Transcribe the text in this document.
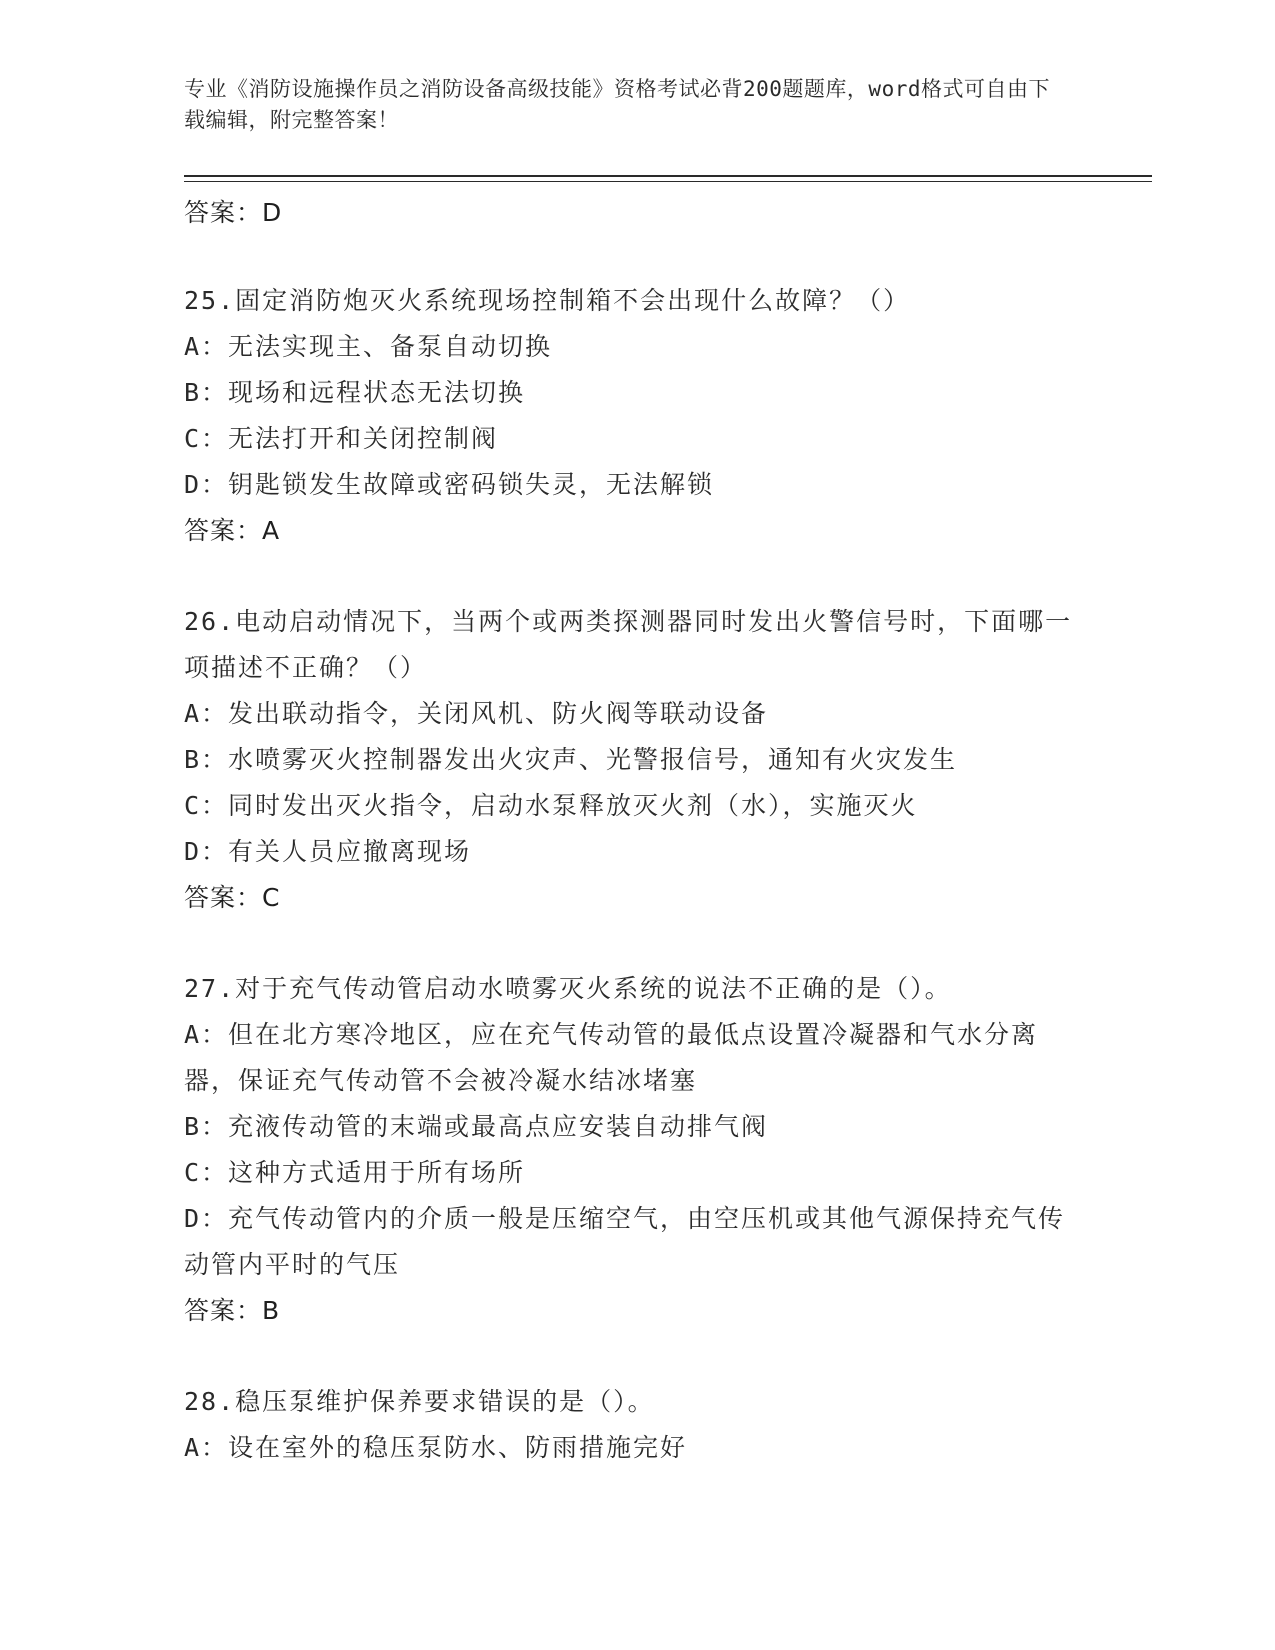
专业《消防设施操作员之消防设备高级技能》资格考试必背200题题库，word格式可自由下载编辑，附完整答案！

答案：D

25.固定消防炮灭火系统现场控制箱不会出现什么故障？（）

A：无法实现主、备泵自动切换

B：现场和远程状态无法切换

C：无法打开和关闭控制阀

D：钥匙锁发生故障或密码锁失灵，无法解锁

答案：A

26.电动启动情况下，当两个或两类探测器同时发出火警信号时，下面哪一项描述不正确？（）

A：发出联动指令，关闭风机、防火阀等联动设备

B：水喷雾灭火控制器发出火灾声、光警报信号，通知有火灾发生

C：同时发出灭火指令，启动水泵释放灭火剂（水），实施灭火

D：有关人员应撤离现场

答案：C

27.对于充气传动管启动水喷雾灭火系统的说法不正确的是（）。

A：但在北方寒冷地区，应在充气传动管的最低点设置冷凝器和气水分离器，保证充气传动管不会被冷凝水结冰堵塞

B：充液传动管的末端或最高点应安装自动排气阀

C：这种方式适用于所有场所

D：充气传动管内的介质一般是压缩空气，由空压机或其他气源保持充气传动管内平时的气压

答案：B

28.稳压泵维护保养要求错误的是（）。

A：设在室外的稳压泵防水、防雨措施完好
